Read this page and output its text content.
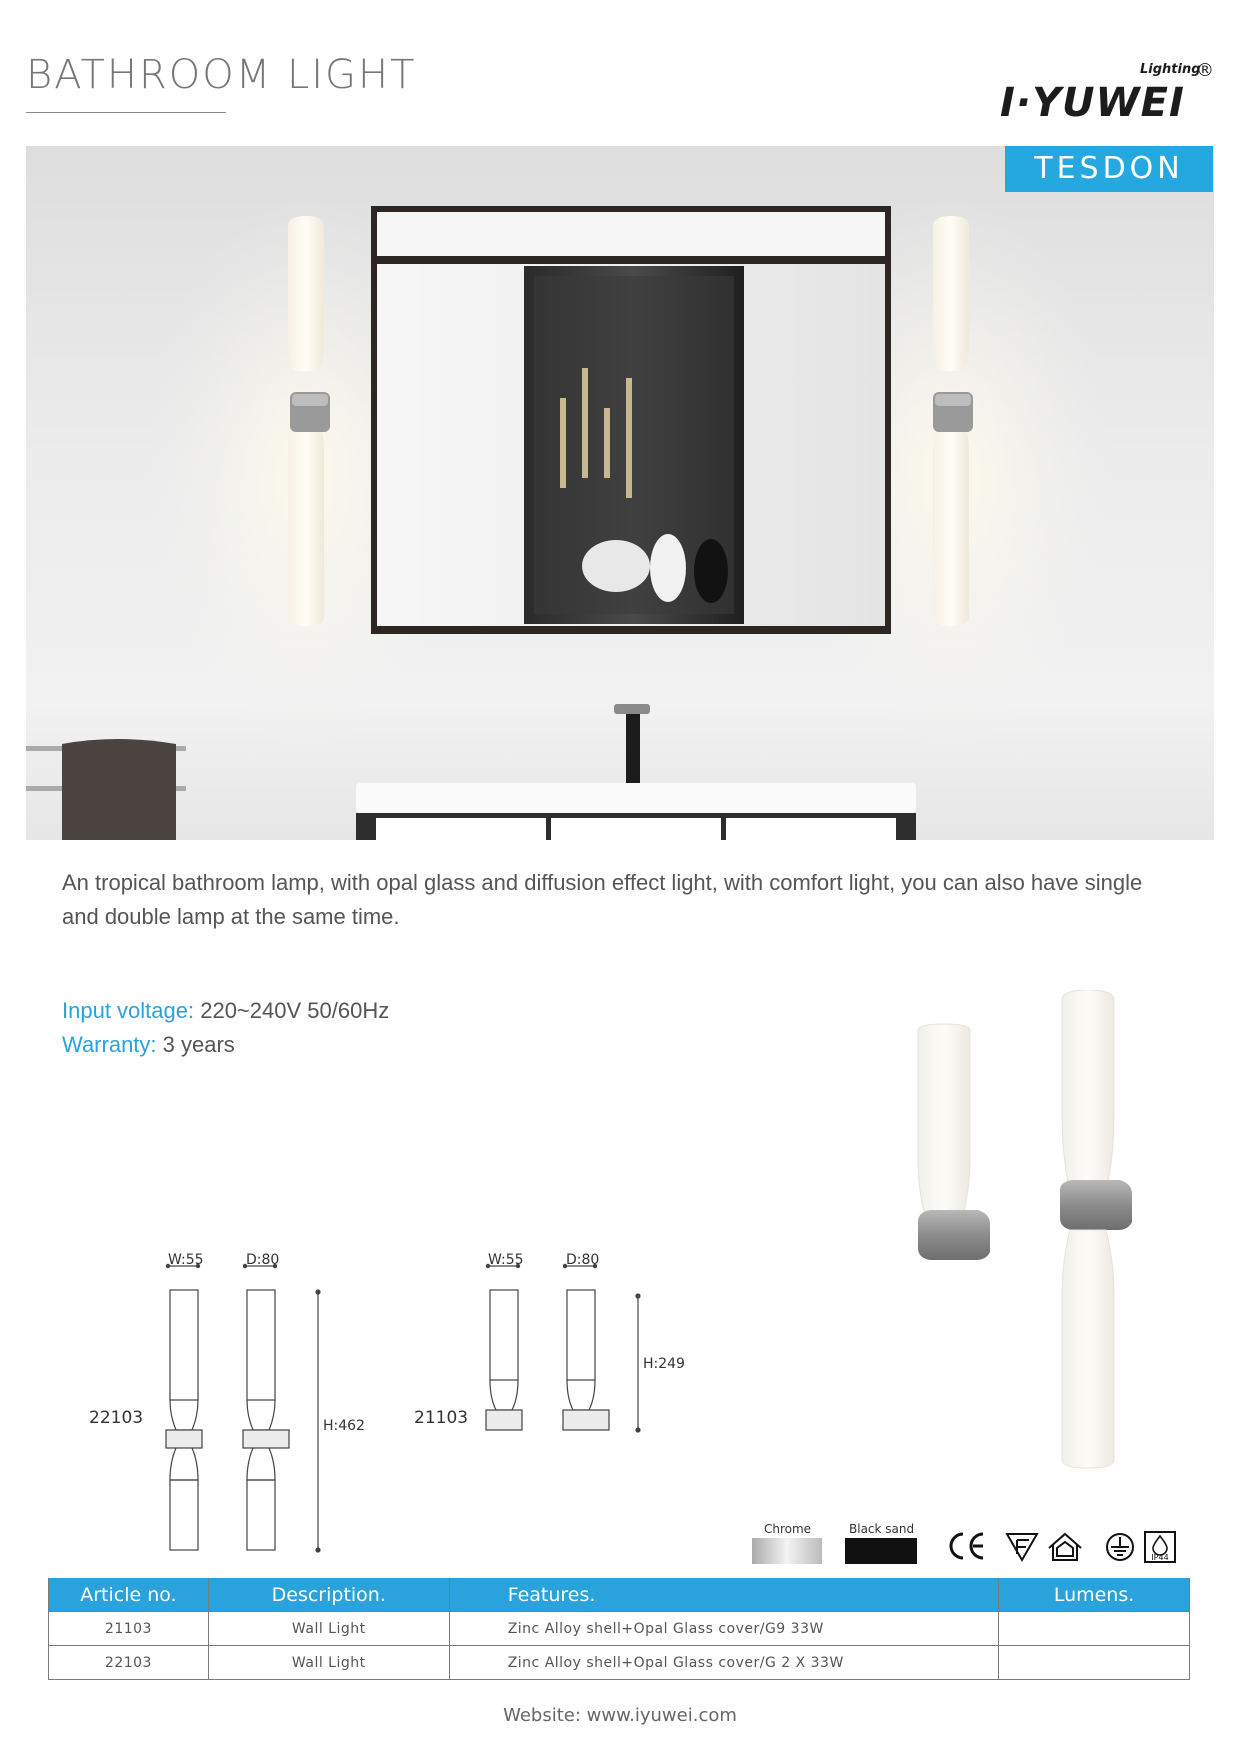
BATHROOM LIGHT	Lighting
®
I·YUWEI
TESDON
An tropical bathroom lamp, with opal glass and diffusion effect light, with comfort light, you can also have single and double lamp at the same time.
Input voltage: 220~240V 50/60Hz
Warranty: 3 years
W:55	D:80
H:462
22103
W:55	D:80
H:249
21103
Chrome	Black sand
IP44
Article no.	Description.	Features.	Lumens.
21103	Wall Light	Zinc Alloy shell+Opal Glass cover/G9 33W	
22103	Wall Light	Zinc Alloy shell+Opal Glass cover/G 2 X 33W	
Website: www.iyuwei.com
